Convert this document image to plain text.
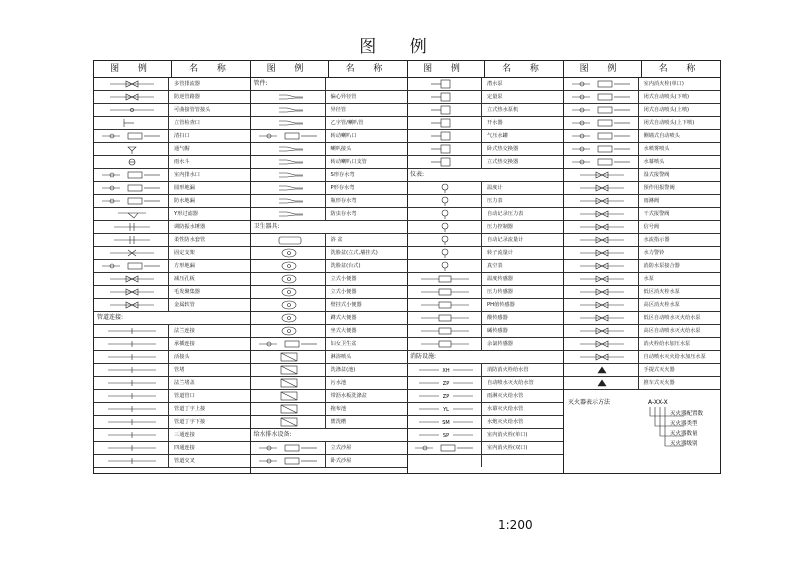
图 例
图 例	名 称
多管排流器
防逆管路器
可曲接管管接头
立管检查口
清扫口
通气帽
雨水斗
室内排水口
圆形地漏
防水地漏
Y形过滤器
调防振水锤器
柔性防水套管
固定支架
方形地漏
减压孔板
毛发聚集器
金属软管
管道连接:
法兰连接
承插连接
活接头
管堵
法兰堵盖
管道管口
管道丁字上接
管道丁字下接
三通连接
四通连接
管道交叉
图 例	名 称
管件:
偏心异径管
异径管
乙字管/喇叭管
转动喇叭口
喇叭接头
转动喇叭口支管
S形存水弯
P形存水弯
瓶形存水弯
防虫存水弯
卫生器具:
浴 盆
洗脸盆(立式,墙挂式)
洗脸盆(台式)
立式小便器
立式小便器
壁挂式小便器
蹲式大便器
坐式大便器
妇女卫生盆
淋浴喷头
洗涤盆(池)
污水池
带沥水板洗涤盆
拖布池
盥洗槽
给水排水设备:
立式沙屋
卧式沙屋
图 例	名 称
潜水泵
定量泵
立式热水泵机
开水器
气压水罐
卧式热交换器
立式热交换器
仪表:
温度计
压力表
自动记录压力表
压力控制器
自动记录流量计
转子流量计
真空表
温度传感器
压力传感器
PH值传感器
酸传感器
碱传感器
余氯传感器
消防设施:
XH	消防消火栓给水管
ZP	自动喷水灭火给水管
ZP	雨淋灭火给水管
YL	水幕灭火给水管
SM	水炮灭火给水管
SP	室内消火栓(单口)
室内消火栓(双口)
图 例	名 称
室内消火栓(单口)
闭式自动喷头(下喷)
闭式自动喷头(上喷)
闭式自动喷头(上下喷)
侧墙式自动喷头
水喷雾喷头
水幕喷头
湿式报警阀
预作用报警阀
雨淋阀
干式报警阀
信号阀
水流指示器
水力警铃
消防水泵接合器
水泵
低区消火栓水泵
高区消火栓水泵
低区自动喷水灭火给水泵
高区自动喷水灭火给水泵
消火栓给水加压水泵
自动喷水灭火给水加压水泵
手提式灭火器
推车式灭火器
灭火器表示方法	A-XX-X
灭火器配置数
灭火器类型
灭火器数量
灭火器级别
1:200
